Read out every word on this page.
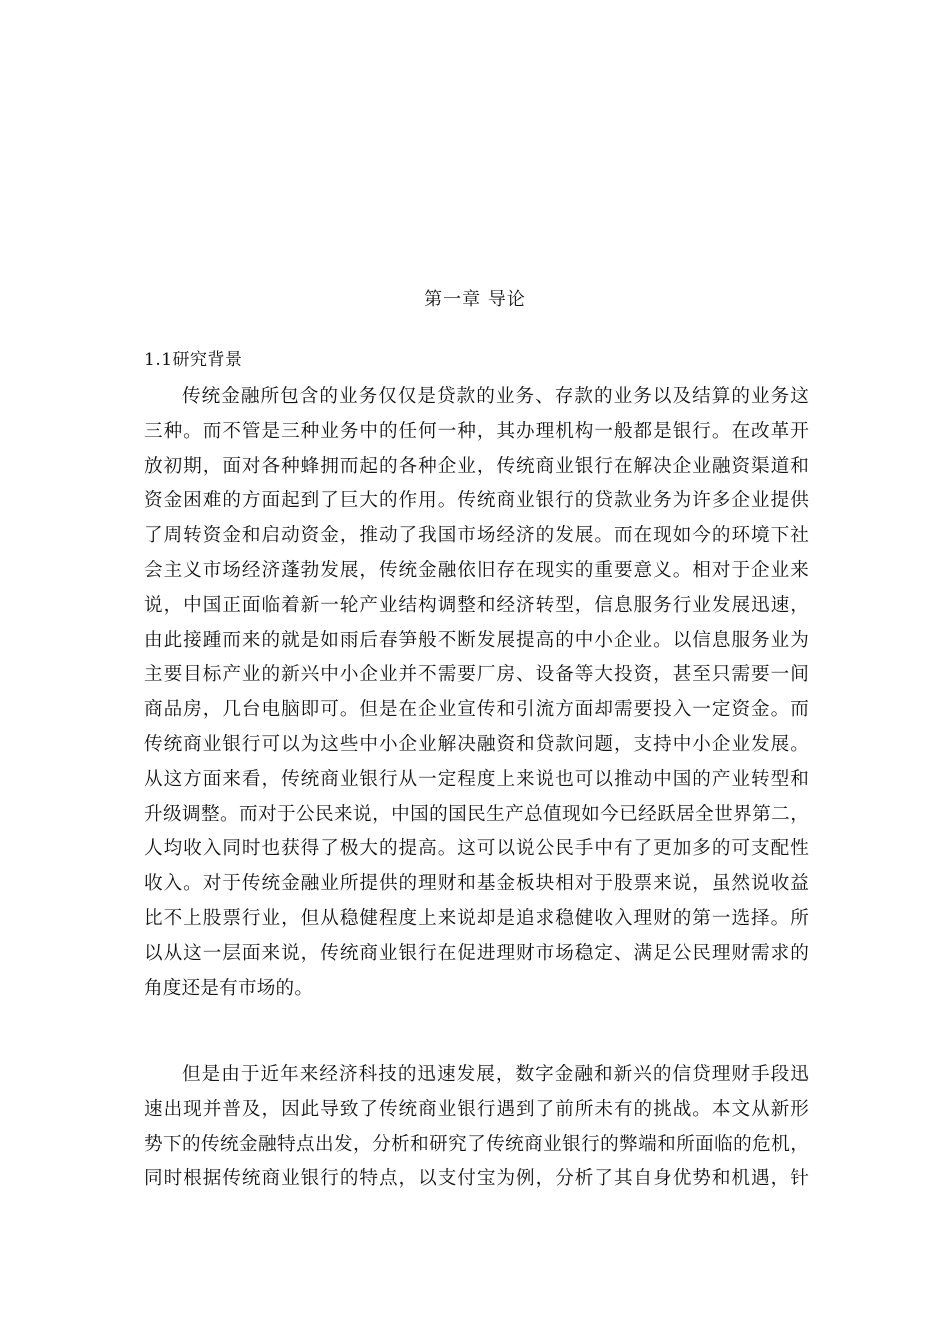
第一章 导论
1.1研究背景
传统金融所包含的业务仅仅是贷款的业务、存款的业务以及结算的业务这
三种。而不管是三种业务中的任何一种，其办理机构一般都是银行。在改革开
放初期，面对各种蜂拥而起的各种企业，传统商业银行在解决企业融资渠道和
资金困难的方面起到了巨大的作用。传统商业银行的贷款业务为许多企业提供
了周转资金和启动资金，推动了我国市场经济的发展。而在现如今的环境下社
会主义市场经济蓬勃发展，传统金融依旧存在现实的重要意义。相对于企业来
说，中国正面临着新一轮产业结构调整和经济转型，信息服务行业发展迅速，
由此接踵而来的就是如雨后春笋般不断发展提高的中小企业。以信息服务业为
主要目标产业的新兴中小企业并不需要厂房、设备等大投资，甚至只需要一间
商品房，几台电脑即可。但是在企业宣传和引流方面却需要投入一定资金。而
传统商业银行可以为这些中小企业解决融资和贷款问题，支持中小企业发展。
从这方面来看，传统商业银行从一定程度上来说也可以推动中国的产业转型和
升级调整。而对于公民来说，中国的国民生产总值现如今已经跃居全世界第二，
人均收入同时也获得了极大的提高。这可以说公民手中有了更加多的可支配性
收入。对于传统金融业所提供的理财和基金板块相对于股票来说，虽然说收益
比不上股票行业，但从稳健程度上来说却是追求稳健收入理财的第一选择。所
以从这一层面来说，传统商业银行在促进理财市场稳定、满足公民理财需求的
角度还是有市场的。
但是由于近年来经济科技的迅速发展，数字金融和新兴的信贷理财手段迅
速出现并普及，因此导致了传统商业银行遇到了前所未有的挑战。本文从新形
势下的传统金融特点出发，分析和研究了传统商业银行的弊端和所面临的危机，
同时根据传统商业银行的特点，以支付宝为例，分析了其自身优势和机遇，针
